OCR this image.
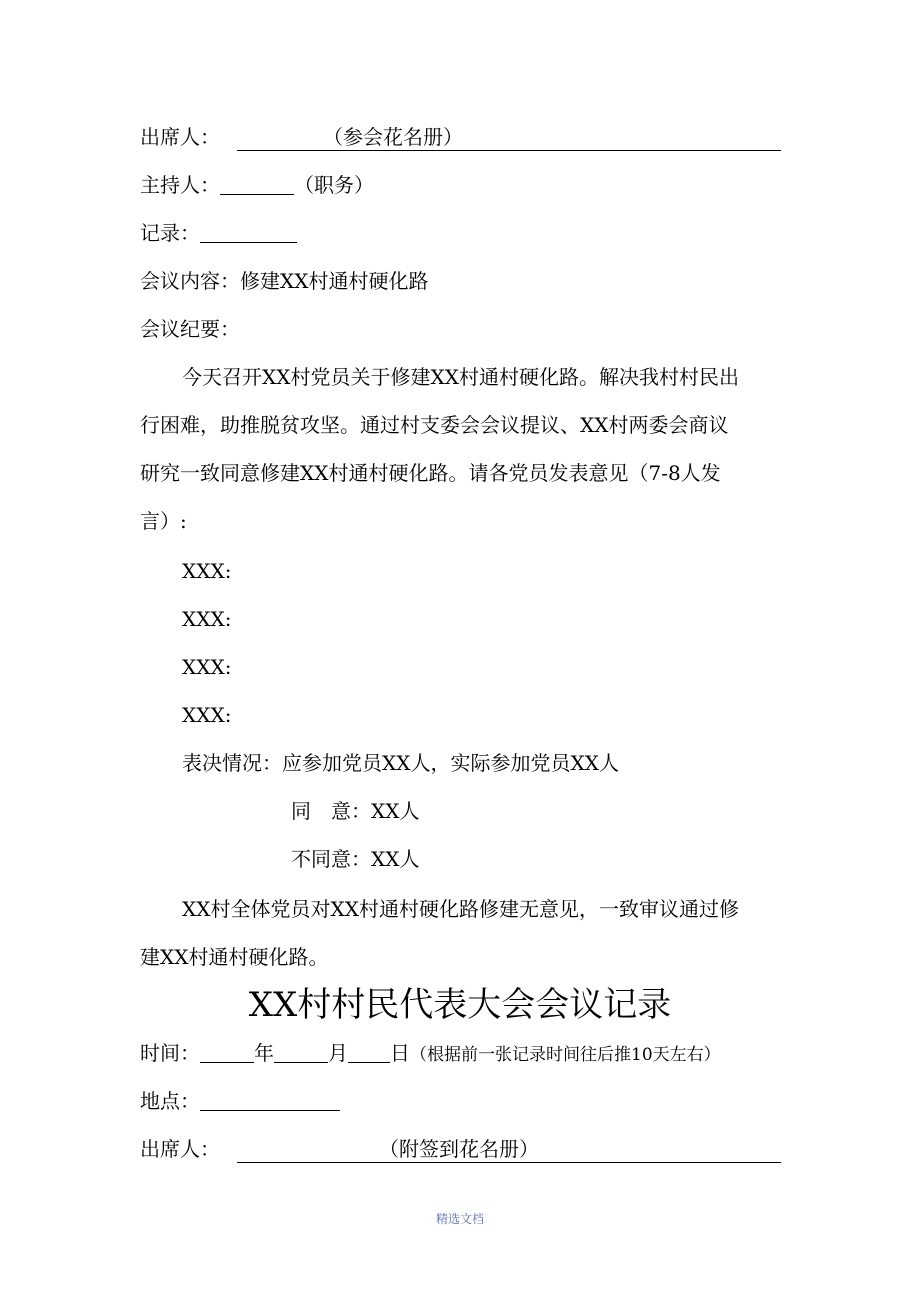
出席人：	（参会花名册）
主持人：	（职务）
记录：
会议内容：修建XX村通村硬化路
会议纪要：
今天召开XX村党员关于修建XX村通村硬化路。解决我村村民出
行困难，助推脱贫攻坚。通过村支委会会议提议、XX村两委会商议
研究一致同意修建XX村通村硬化路。请各党员发表意见（7-8人发
言）:
XXX:
XXX:
XXX:
XXX:
表决情况：应参加党员XX人，实际参加党员XX人
同　意：XX人
不同意：XX人
XX村全体党员对XX村通村硬化路修建无意见，一致审议通过修
建XX村通村硬化路。
XX村村民代表大会会议记录
时间：	年	月 日（根据前一张记录时间往后推10天左右）
地点：
出席人：	（附签到花名册）
精选文档
